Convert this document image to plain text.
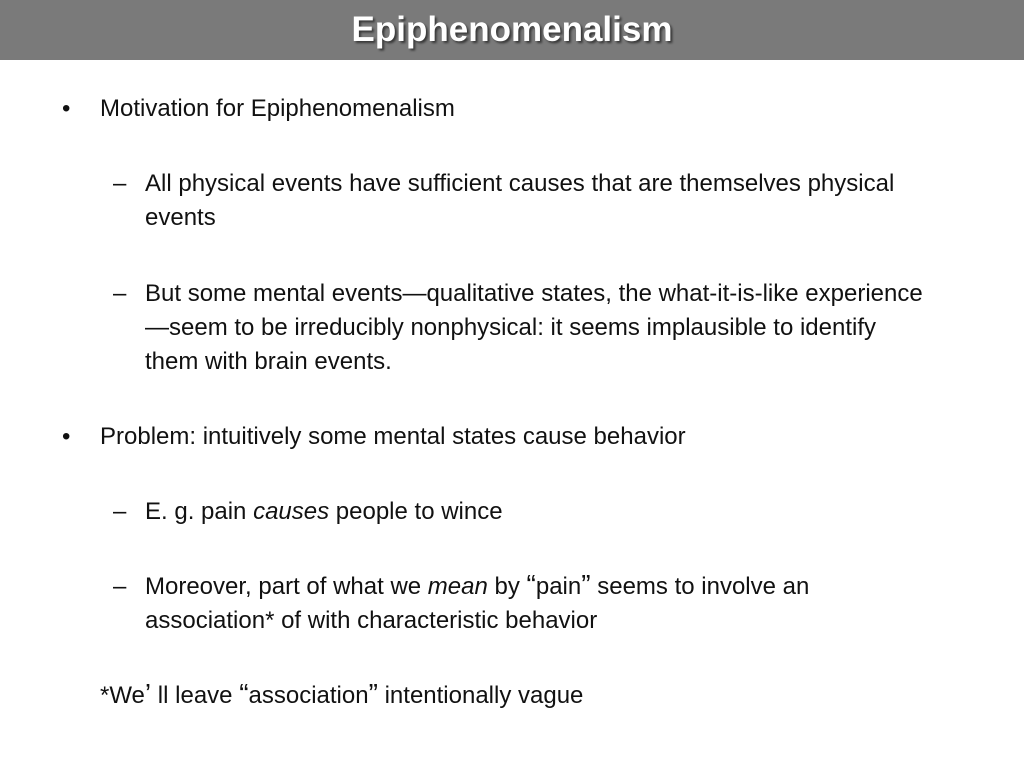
Epiphenomenalism
•	Motivation for Epiphenomenalism
– All physical events have sufficient causes that are themselves physical events
– But some mental events—qualitative states, the what-it-is-like experience—seem to be irreducibly nonphysical: it seems implausible to identify them with brain events.
•	Problem: intuitively some mental states cause behavior
– E. g. pain causes people to wince
– Moreover, part of what we mean by “pain” seems to involve an association* of with characteristic behavior
*We’ ll leave “association” intentionally vague
